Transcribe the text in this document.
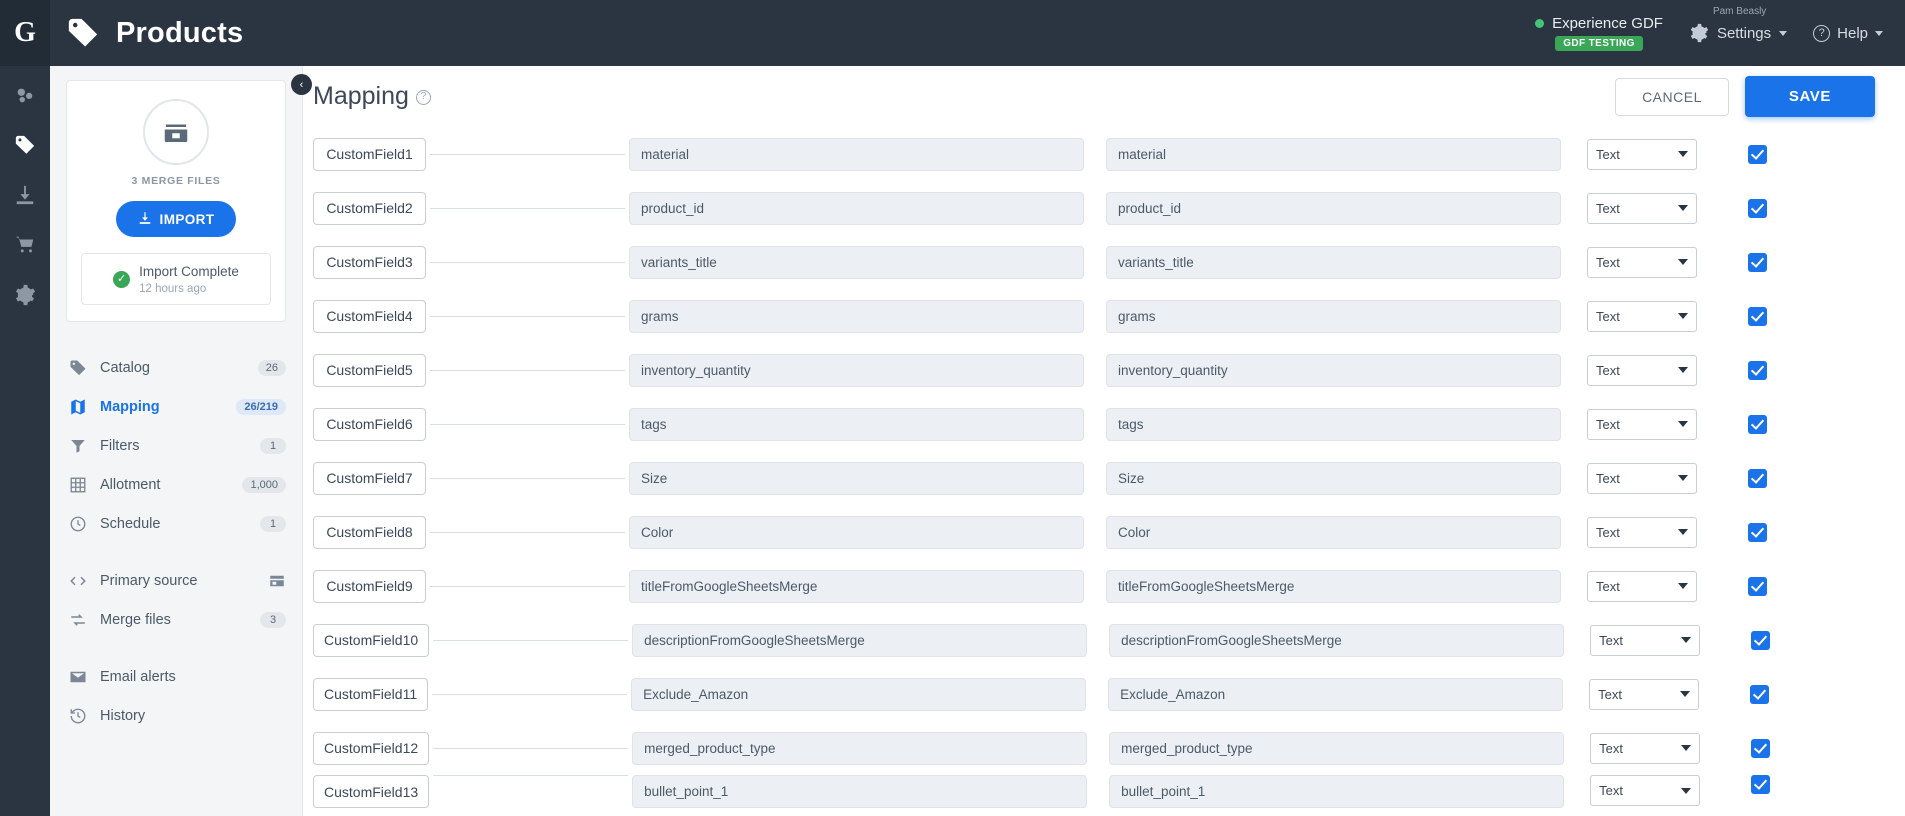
G	Products	Experience GDF
GDF TESTING
Pam Beasly
Settings	? Help
‹
3 MERGE FILES
IMPORT
✓ Import Complete
12 hours ago
Catalog	26
Mapping	26/219
Filters	1
Allotment	1,000
Schedule	1
Primary source
Merge files	3
Email alerts
History
Mapping ?	CANCEL	SAVE
CustomField1	material	material	Text
CustomField2	product_id	product_id	Text
CustomField3	variants_title	variants_title	Text
CustomField4	grams	grams	Text
CustomField5	inventory_quantity	inventory_quantity	Text
CustomField6	tags	tags	Text
CustomField7	Size	Size	Text
CustomField8	Color	Color	Text
CustomField9	titleFromGoogleSheetsMerge	titleFromGoogleSheetsMerge	Text
CustomField10	descriptionFromGoogleSheetsMerge	descriptionFromGoogleSheetsMerge	Text
CustomField11	Exclude_Amazon	Exclude_Amazon	Text
CustomField12	merged_product_type	merged_product_type	Text
CustomField13	bullet_point_1	bullet_point_1	Text
